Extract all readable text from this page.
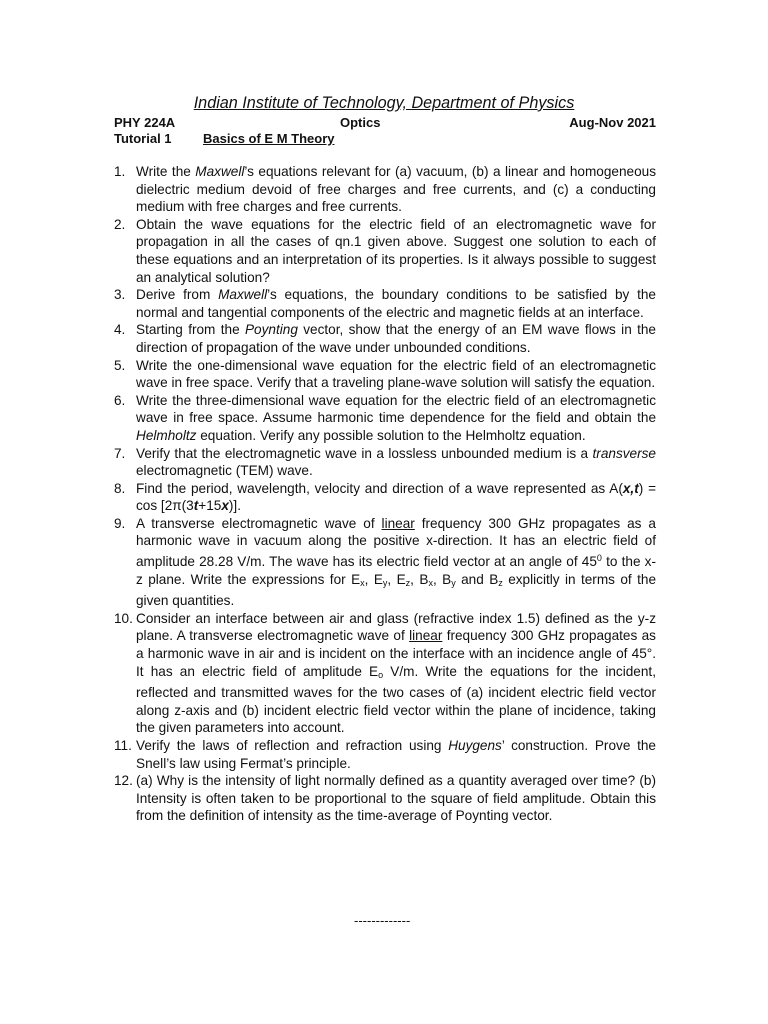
Indian Institute of Technology, Department of Physics
PHY 224A	Optics	Aug-Nov 2021
Tutorial 1 Basics of E M Theory
1. Write the Maxwell’s equations relevant for (a) vacuum, (b) a linear and homogeneous dielectric medium devoid of free charges and free currents, and (c) a conducting medium with free charges and free currents.
2. Obtain the wave equations for the electric field of an electromagnetic wave for propagation in all the cases of qn.1 given above. Suggest one solution to each of these equations and an interpretation of its properties. Is it always possible to suggest an analytical solution?
3. Derive from Maxwell’s equations, the boundary conditions to be satisfied by the normal and tangential components of the electric and magnetic fields at an interface.
4. Starting from the Poynting vector, show that the energy of an EM wave flows in the direction of propagation of the wave under unbounded conditions.
5. Write the one-dimensional wave equation for the electric field of an electromagnetic wave in free space. Verify that a traveling plane-wave solution will satisfy the equation.
6. Write the three-dimensional wave equation for the electric field of an electromagnetic wave in free space. Assume harmonic time dependence for the field and obtain the Helmholtz equation. Verify any possible solution to the Helmholtz equation.
7. Verify that the electromagnetic wave in a lossless unbounded medium is a transverse electromagnetic (TEM) wave.
8. Find the period, wavelength, velocity and direction of a wave represented as A(x,t) = cos [2π(3t+15x)].
9. A transverse electromagnetic wave of linear frequency 300 GHz propagates as a harmonic wave in vacuum along the positive x-direction. It has an electric field of amplitude 28.28 V/m. The wave has its electric field vector at an angle of $45^0$ to the x-z plane. Write the expressions for $E_x$, $E_y$, $E_z$, $B_x$, $B_y$ and $B_z$ explicitly in terms of the given quantities.
10. Consider an interface between air and glass (refractive index 1.5) defined as the y-z plane. A transverse electromagnetic wave of linear frequency 300 GHz propagates as a harmonic wave in air and is incident on the interface with an incidence angle of 45°. It has an electric field of amplitude $E_o$ V/m. Write the equations for the incident, reflected and transmitted waves for the two cases of (a) incident electric field vector along z-axis and (b) incident electric field vector within the plane of incidence, taking the given parameters into account.
11. Verify the laws of reflection and refraction using Huygens’ construction. Prove the Snell’s law using Fermat’s principle.
12. (a) Why is the intensity of light normally defined as a quantity averaged over time? (b) Intensity is often taken to be proportional to the square of field amplitude. Obtain this from the definition of intensity as the time-average of Poynting vector.
-------------
